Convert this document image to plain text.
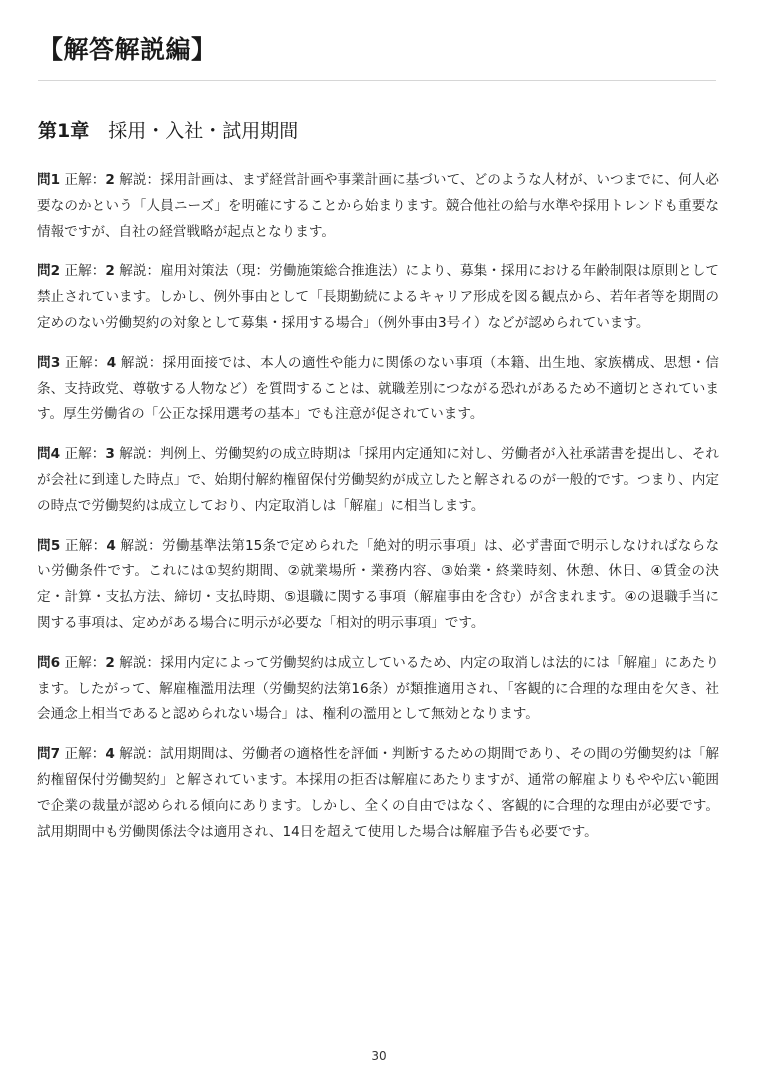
【解答解説編】
第1章　 採用・入社・試用期間

問1 正解：2 解説：採用計画は、まず経営計画や事業計画に基づいて、どのような人材が、いつまでに、何人必要なのかという「人員ニーズ」を明確にすることから始まります。競合他社の給与水準や採用トレンドも重要な情報ですが、自社の経営戦略が起点となります。

問2 正解：2 解説：雇用対策法（現：労働施策総合推進法）により、募集・採用における年齢制限は原則として禁止されています。しかし、例外事由として「長期勤続によるキャリア形成を図る観点から、若年者等を期間の定めのない労働契約の対象として募集・採用する場合」（例外事由3号イ）などが認められています。

問3 正解：4 解説：採用面接では、本人の適性や能力に関係のない事項（本籍、出生地、家族構成、思想・信条、支持政党、尊敬する人物など）を質問することは、就職差別につながる恐れがあるため不適切とされています。厚生労働省の「公正な採用選考の基本」でも注意が促されています。

問4 正解：3 解説：判例上、労働契約の成立時期は「採用内定通知に対し、労働者が入社承諾書を提出し、それが会社に到達した時点」で、始期付解約権留保付労働契約が成立したと解されるのが一般的です。つまり、内定の時点で労働契約は成立しており、内定取消しは「解雇」に相当します。

問5 正解：4 解説：労働基準法第15条で定められた「絶対的明示事項」は、必ず書面で明示しなければならない労働条件です。これには①契約期間、②就業場所・業務内容、③始業・終業時刻、休憩、休日、④賃金の決定・計算・支払方法、締切・支払時期、⑤退職に関する事項（解雇事由を含む）が含まれます。④の退職手当に関する事項は、定めがある場合に明示が必要な「相対的明示事項」です。

問6 正解：2 解説：採用内定によって労働契約は成立しているため、内定の取消しは法的には「解雇」にあたります。したがって、解雇権濫用法理（労働契約法第16条）が類推適用され、「客観的に合理的な理由を欠き、社会通念上相当であると認められない場合」は、権利の濫用として無効となります。

問7 正解：4 解説：試用期間は、労働者の適格性を評価・判断するための期間であり、その間の労働契約は「解約権留保付労働契約」と解されています。本採用の拒否は解雇にあたりますが、通常の解雇よりもやや広い範囲で企業の裁量が認められる傾向にあります。しかし、全くの自由ではなく、客観的に合理的な理由が必要です。試用期間中も労働関係法令は適用され、14日を超えて使用した場合は解雇予告も必要です。

30
